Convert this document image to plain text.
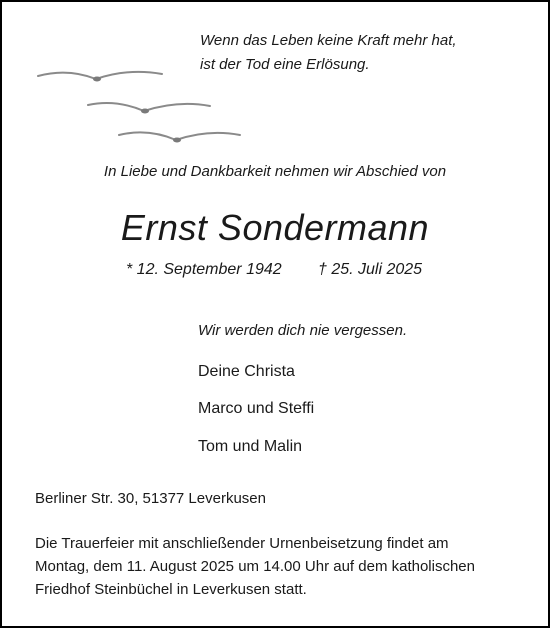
Wenn das Leben keine Kraft mehr hat,
ist der Tod eine Erlösung.
In Liebe und Dankbarkeit nehmen wir Abschied von
Ernst Sondermann
* 12. September 1942 † 25. Juli 2025
Wir werden dich nie vergessen.
Deine Christa
Marco und Steffi
Tom und Malin
Berliner Str. 30, 51377 Leverkusen
Die Trauerfeier mit anschließender Urnenbeisetzung findet am
Montag, dem 11. August 2025 um 14.00 Uhr auf dem katholischen
Friedhof Steinbüchel in Leverkusen statt.
